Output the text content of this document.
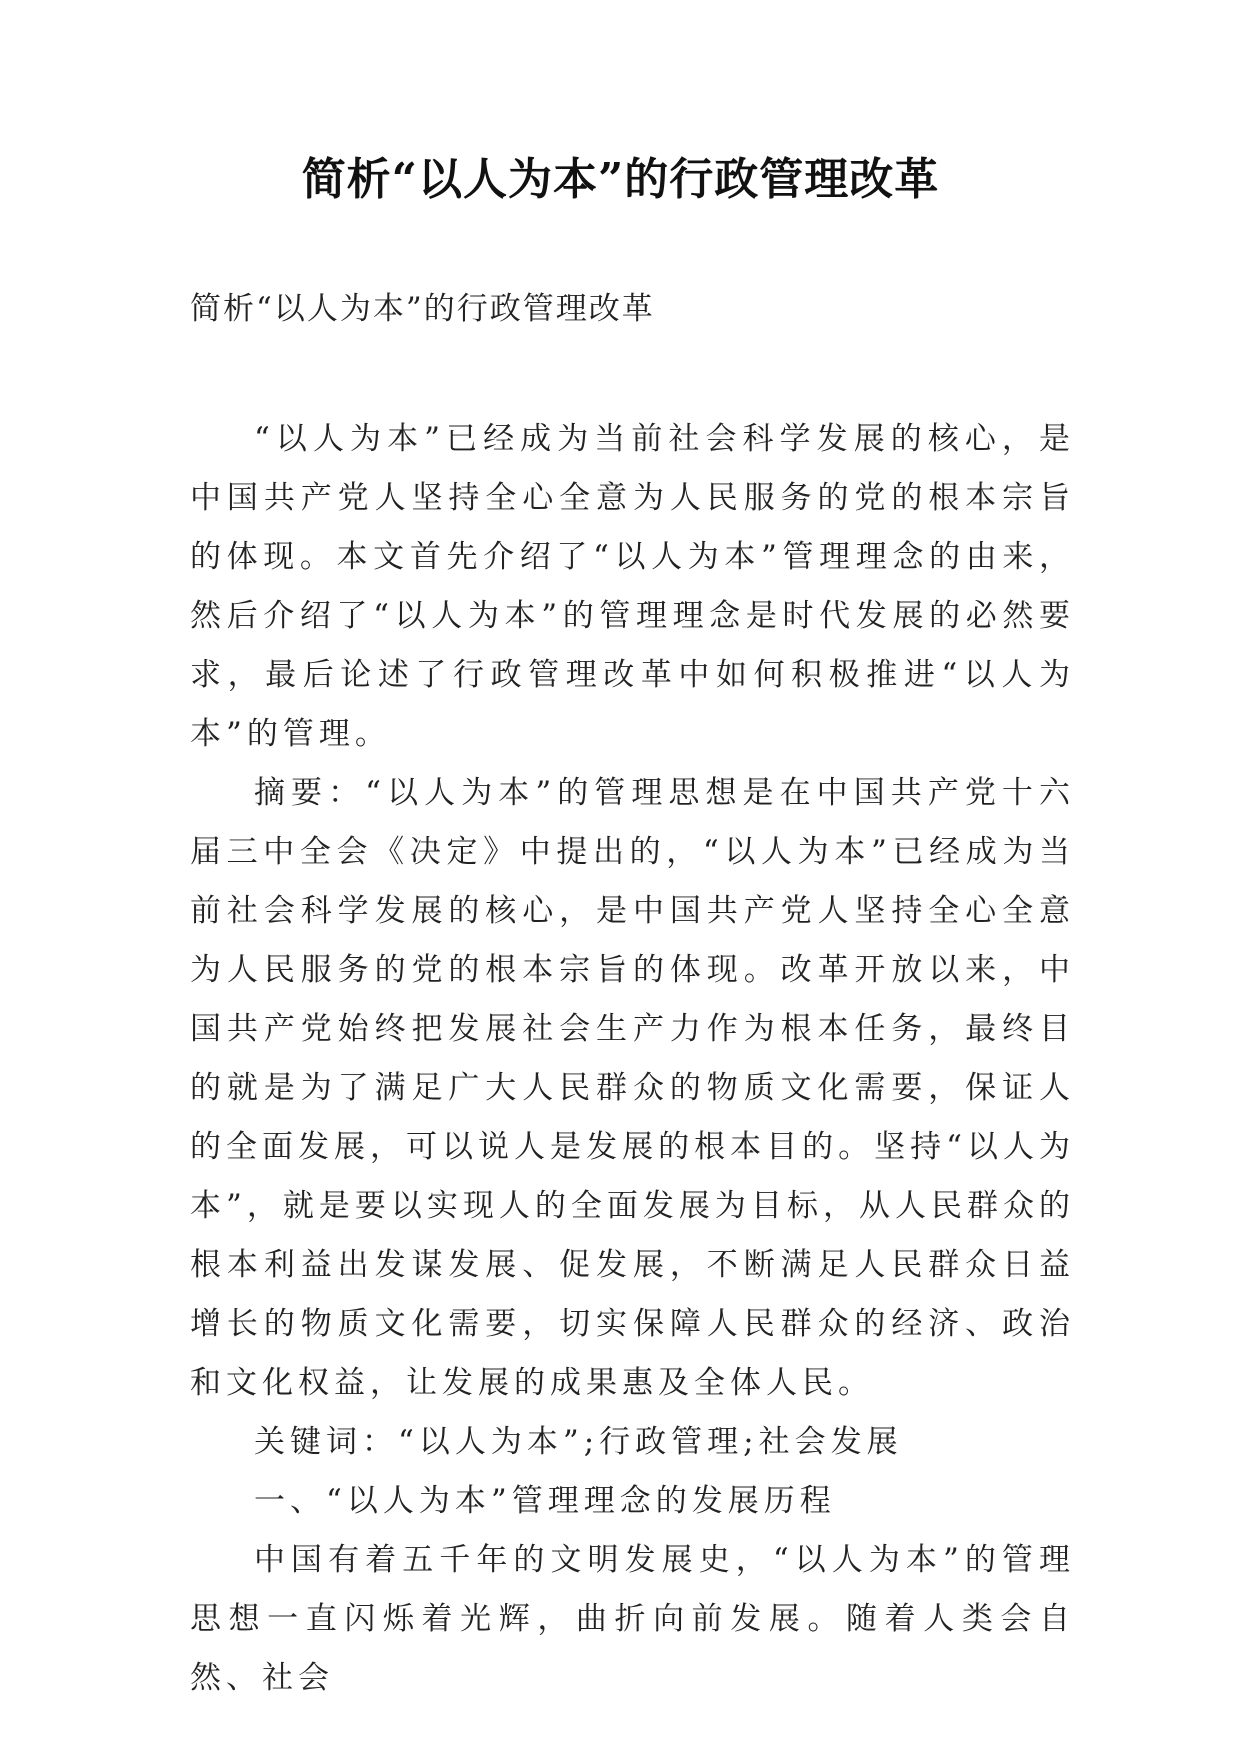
简析“以人为本”的行政管理改革
简析“以人为本”的行政管理改革

“以人为本”已经成为当前社会科学发展的核心，是中国共产党人坚持全心全意为人民服务的党的根本宗旨的体现。本文首先介绍了“以人为本”管理理念的由来，然后介绍了“以人为本”的管理理念是时代发展的必然要求，最后论述了行政管理改革中如何积极推进“以人为本”的管理。

摘要：“以人为本”的管理思想是在中国共产党十六届三中全会《决定》中提出的，“以人为本”已经成为当前社会科学发展的核心，是中国共产党人坚持全心全意为人民服务的党的根本宗旨的体现。改革开放以来，中国共产党始终把发展社会生产力作为根本任务，最终目的就是为了满足广大人民群众的物质文化需要，保证人的全面发展，可以说人是发展的根本目的。坚持“以人为本”，就是要以实现人的全面发展为目标，从人民群众的根本利益出发谋发展、促发展，不断满足人民群众日益增长的物质文化需要，切实保障人民群众的经济、政治和文化权益，让发展的成果惠及全体人民。

关键词：“以人为本”;行政管理;社会发展

一、“以人为本”管理理念的发展历程

中国有着五千年的文明发展史，“以人为本”的管理思想一直闪烁着光辉，曲折向前发展。随着人类会自然、社会
